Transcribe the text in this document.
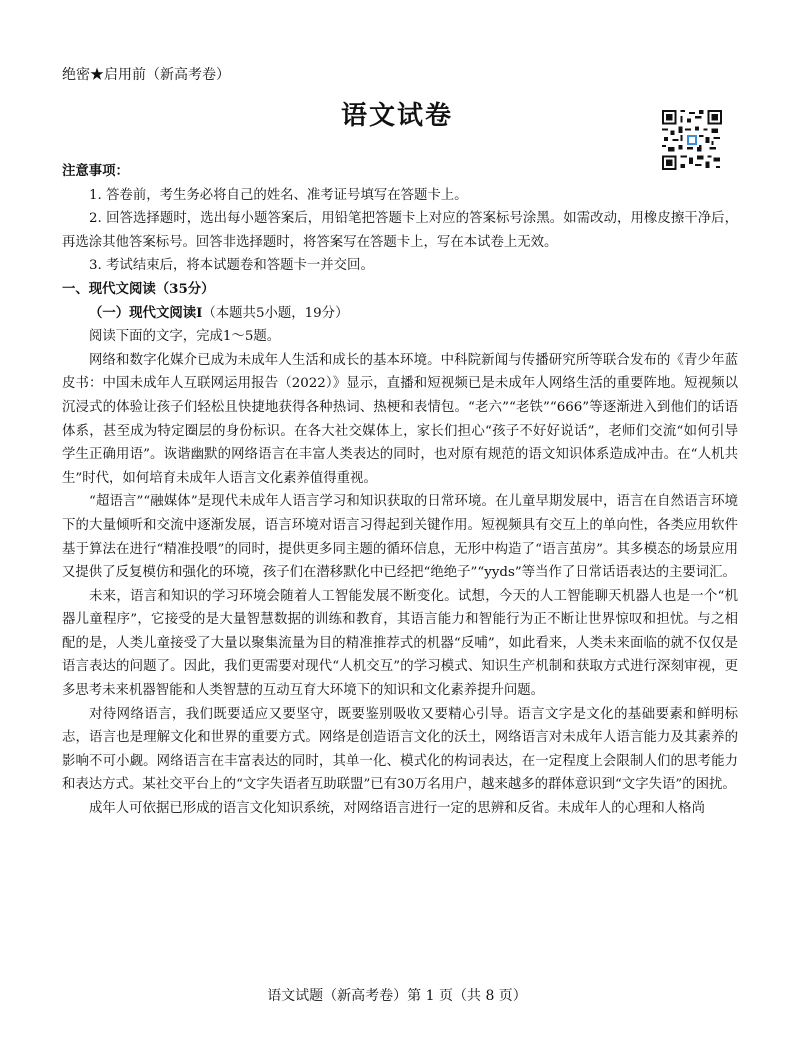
绝密★启用前（新高考卷）
语文试卷

注意事项：

1. 答卷前，考生务必将自己的姓名、准考证号填写在答题卡上。

2. 回答选择题时，选出每小题答案后，用铅笔把答题卡上对应的答案标号涂黑。如需改动，用橡皮擦干净后，再选涂其他答案标号。回答非选择题时，将答案写在答题卡上，写在本试卷上无效。

3. 考试结束后，将本试题卷和答题卡一并交回。

一、现代文阅读（35分）

（一）现代文阅读Ⅰ（本题共5小题，19分）

阅读下面的文字，完成1～5题。

网络和数字化媒介已成为未成年人生活和成长的基本环境。中科院新闻与传播研究所等联合发布的《青少年蓝皮书：中国未成年人互联网运用报告（2022）》显示，直播和短视频已是未成年人网络生活的重要阵地。短视频以沉浸式的体验让孩子们轻松且快捷地获得各种热词、热梗和表情包。“老六”“老铁”“666”等逐渐进入到他们的话语体系，甚至成为特定圈层的身份标识。在各大社交媒体上，家长们担心“孩子不好好说话”，老师们交流“如何引导学生正确用语”。诙谐幽默的网络语言在丰富人类表达的同时，也对原有规范的语文知识体系造成冲击。在“人机共生”时代，如何培育未成年人语言文化素养值得重视。

“超语言”“融媒体”是现代未成年人语言学习和知识获取的日常环境。在儿童早期发展中，语言在自然语言环境下的大量倾听和交流中逐渐发展，语言环境对语言习得起到关键作用。短视频具有交互上的单向性，各类应用软件基于算法在进行“精准投喂”的同时，提供更多同主题的循环信息，无形中构造了“语言茧房”。其多模态的场景应用又提供了反复模仿和强化的环境，孩子们在潜移默化中已经把“绝绝子”“yyds”等当作了日常话语表达的主要词汇。

未来，语言和知识的学习环境会随着人工智能发展不断变化。试想，今天的人工智能聊天机器人也是一个“机器儿童程序”，它接受的是大量智慧数据的训练和教育，其语言能力和智能行为正不断让世界惊叹和担忧。与之相配的是，人类儿童接受了大量以聚集流量为目的精准推荐式的机器“反哺”，如此看来，人类未来面临的就不仅仅是语言表达的问题了。因此，我们更需要对现代“人机交互”的学习模式、知识生产机制和获取方式进行深刻审视，更多思考未来机器智能和人类智慧的互动互育大环境下的知识和文化素养提升问题。

对待网络语言，我们既要适应又要坚守，既要鉴别吸收又要精心引导。语言文字是文化的基础要素和鲜明标志，语言也是理解文化和世界的重要方式。网络是创造语言文化的沃土，网络语言对未成年人语言能力及其素养的影响不可小觑。网络语言在丰富表达的同时，其单一化、模式化的构词表达，在一定程度上会限制人们的思考能力和表达方式。某社交平台上的“文字失语者互助联盟”已有30万名用户，越来越多的群体意识到“文字失语”的困扰。

成年人可依据已形成的语言文化知识系统，对网络语言进行一定的思辨和反省。未成年人的心理和人格尚

语文试题（新高考卷）第 1 页（共 8 页）
